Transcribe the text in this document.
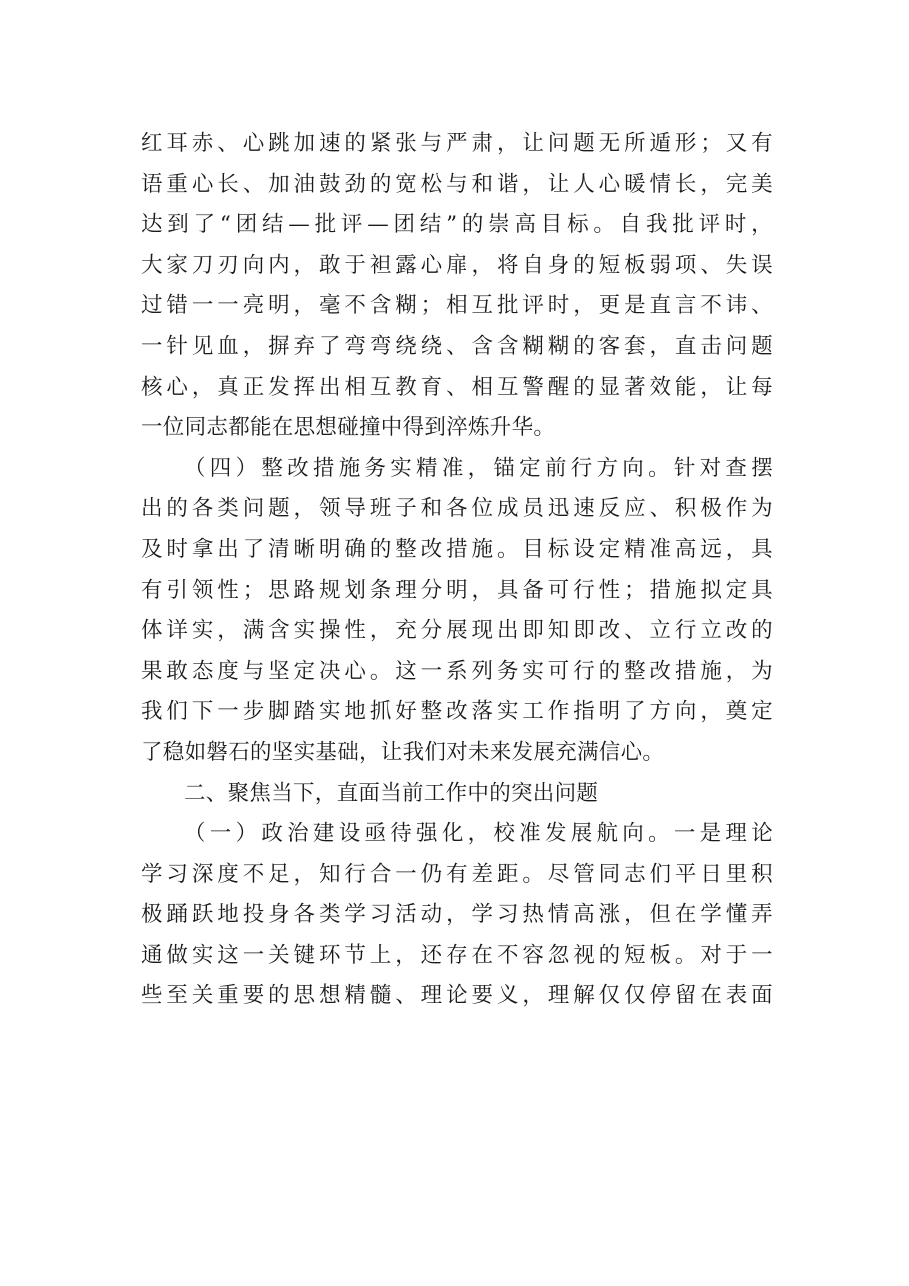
红耳赤、心跳加速的紧张与严肃，让问题无所遁形；又有
语重心长、加油鼓劲的宽松与和谐，让人心暖情长，完美
达到了“团结—批评—团结”的崇高目标。自我批评时，
大家刀刃向内，敢于袒露心扉，将自身的短板弱项、失误
过错一一亮明，毫不含糊；相互批评时，更是直言不讳、
一针见血，摒弃了弯弯绕绕、含含糊糊的客套，直击问题
核心，真正发挥出相互教育、相互警醒的显著效能，让每
一位同志都能在思想碰撞中得到淬炼升华。
（四）整改措施务实精准，锚定前行方向。针对查摆
出的各类问题，领导班子和各位成员迅速反应、积极作为
及时拿出了清晰明确的整改措施。目标设定精准高远，具
有引领性；思路规划条理分明，具备可行性；措施拟定具
体详实，满含实操性，充分展现出即知即改、立行立改的
果敢态度与坚定决心。这一系列务实可行的整改措施，为
我们下一步脚踏实地抓好整改落实工作指明了方向，奠定
了稳如磐石的坚实基础，让我们对未来发展充满信心。
二、聚焦当下，直面当前工作中的突出问题
（一）政治建设亟待强化，校准发展航向。一是理论
学习深度不足，知行合一仍有差距。尽管同志们平日里积
极踊跃地投身各类学习活动，学习热情高涨，但在学懂弄
通做实这一关键环节上，还存在不容忽视的短板。对于一
些至关重要的思想精髓、理论要义，理解仅仅停留在表面
